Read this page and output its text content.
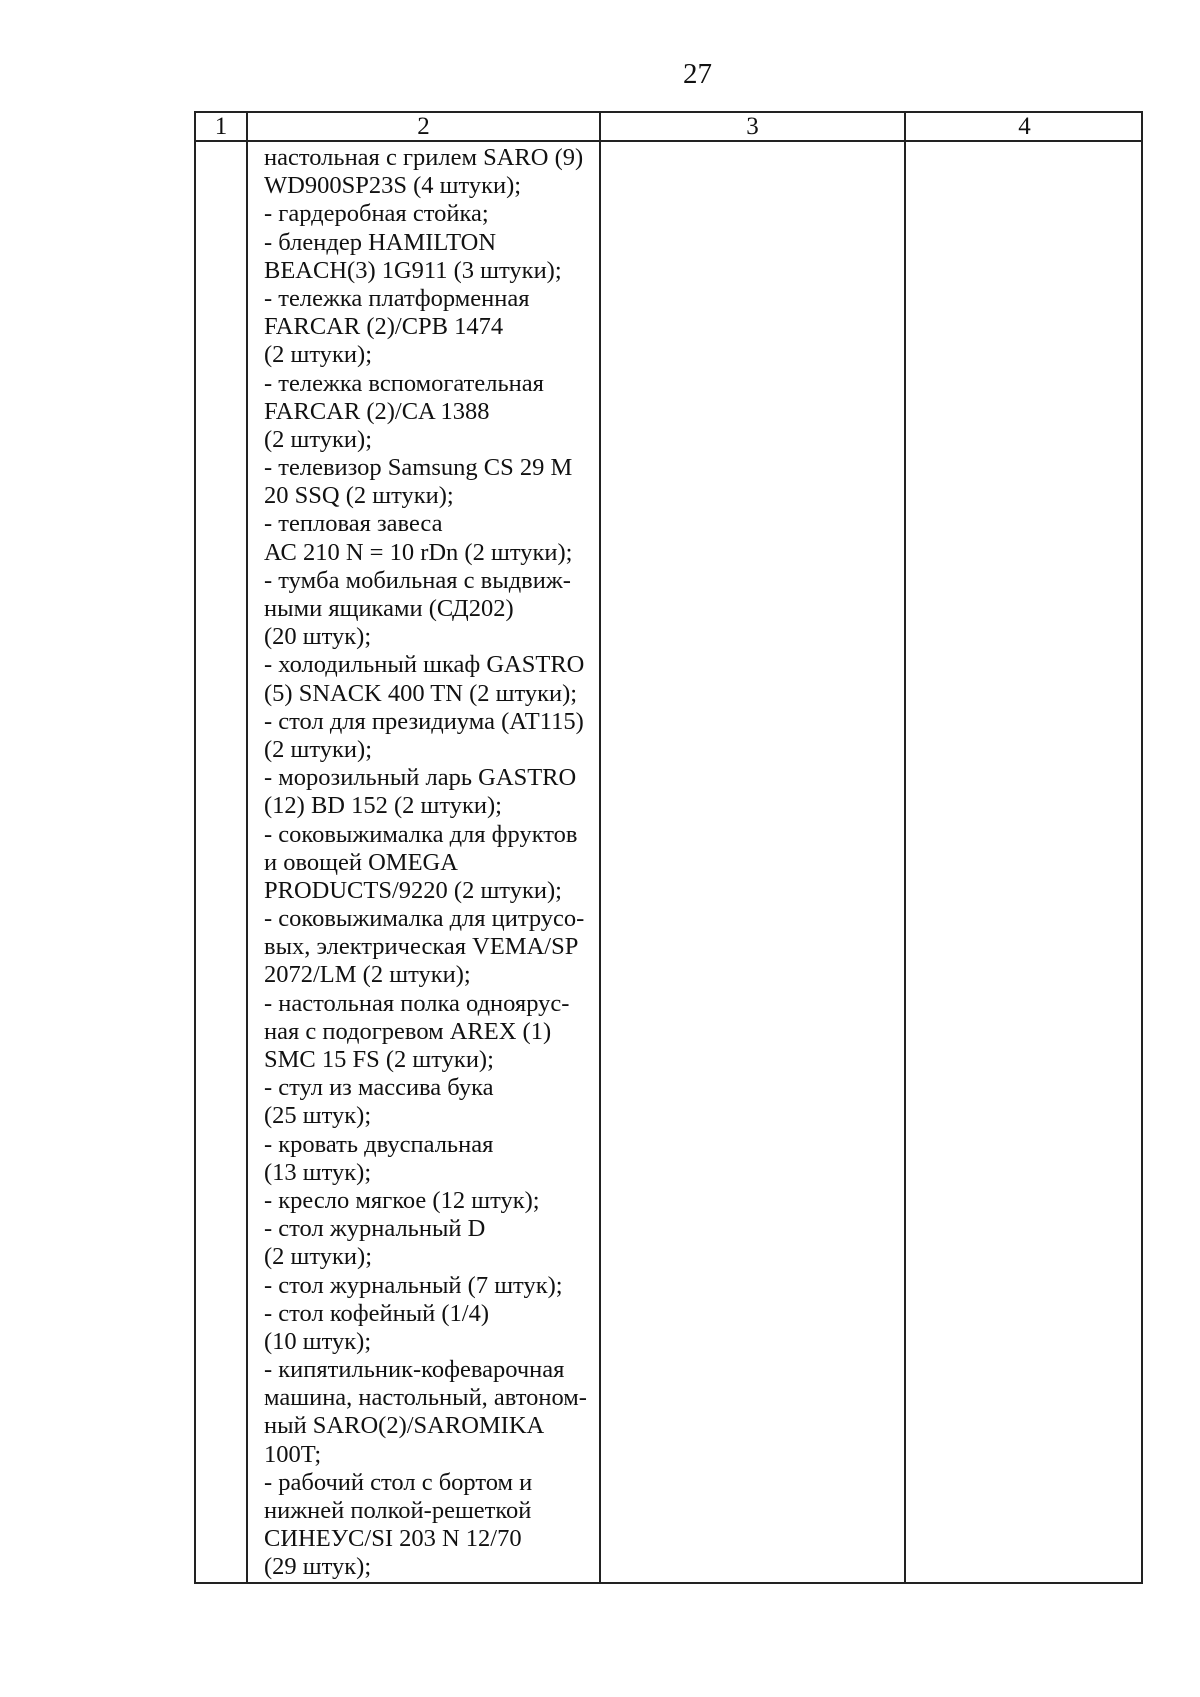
27
1	2	3	4
настольная с грилем SARO (9)
WD900SP23S (4 штуки);
- гардеробная стойка;
- блендер HAMILTON
BEACH(3) 1G911 (3 штуки);
- тележка платформенная
FARCAR (2)/CPB 1474
(2 штуки);
- тележка вспомогательная
FARCAR (2)/CA 1388
(2 штуки);
- телевизор Samsung CS 29 M
20 SSQ (2 штуки);
- тепловая завеса
АС 210 N = 10 rDn (2 штуки);
- тумба мобильная с выдвиж-
ными ящиками (СД202)
(20 штук);
- холодильный шкаф GASTRO
(5) SNACK 400 TN (2 штуки);
- стол для президиума (АТ115)
(2 штуки);
- морозильный ларь GASTRO
(12) BD 152 (2 штуки);
- соковыжималка для фруктов
и овощей OMEGA
PRODUCTS/9220 (2 штуки);
- соковыжималка для цитрусо-
вых, электрическая VEMA/SP
2072/LM (2 штуки);
- настольная полка одноярус-
ная с подогревом AREX (1)
SMC 15 FS (2 штуки);
- стул из массива бука
(25 штук);
- кровать двуспальная
(13 штук);
- кресло мягкое (12 штук);
- стол журнальный D
(2 штуки);
- стол журнальный (7 штук);
- стол кофейный (1/4)
(10 штук);
- кипятильник-кофеварочная
машина, настольный, автоном-
ный SARO(2)/SAROMIKA
100T;
- рабочий стол с бортом и
нижней полкой-решеткой
СИНЕУС/SI 203 N 12/70
(29 штук);
